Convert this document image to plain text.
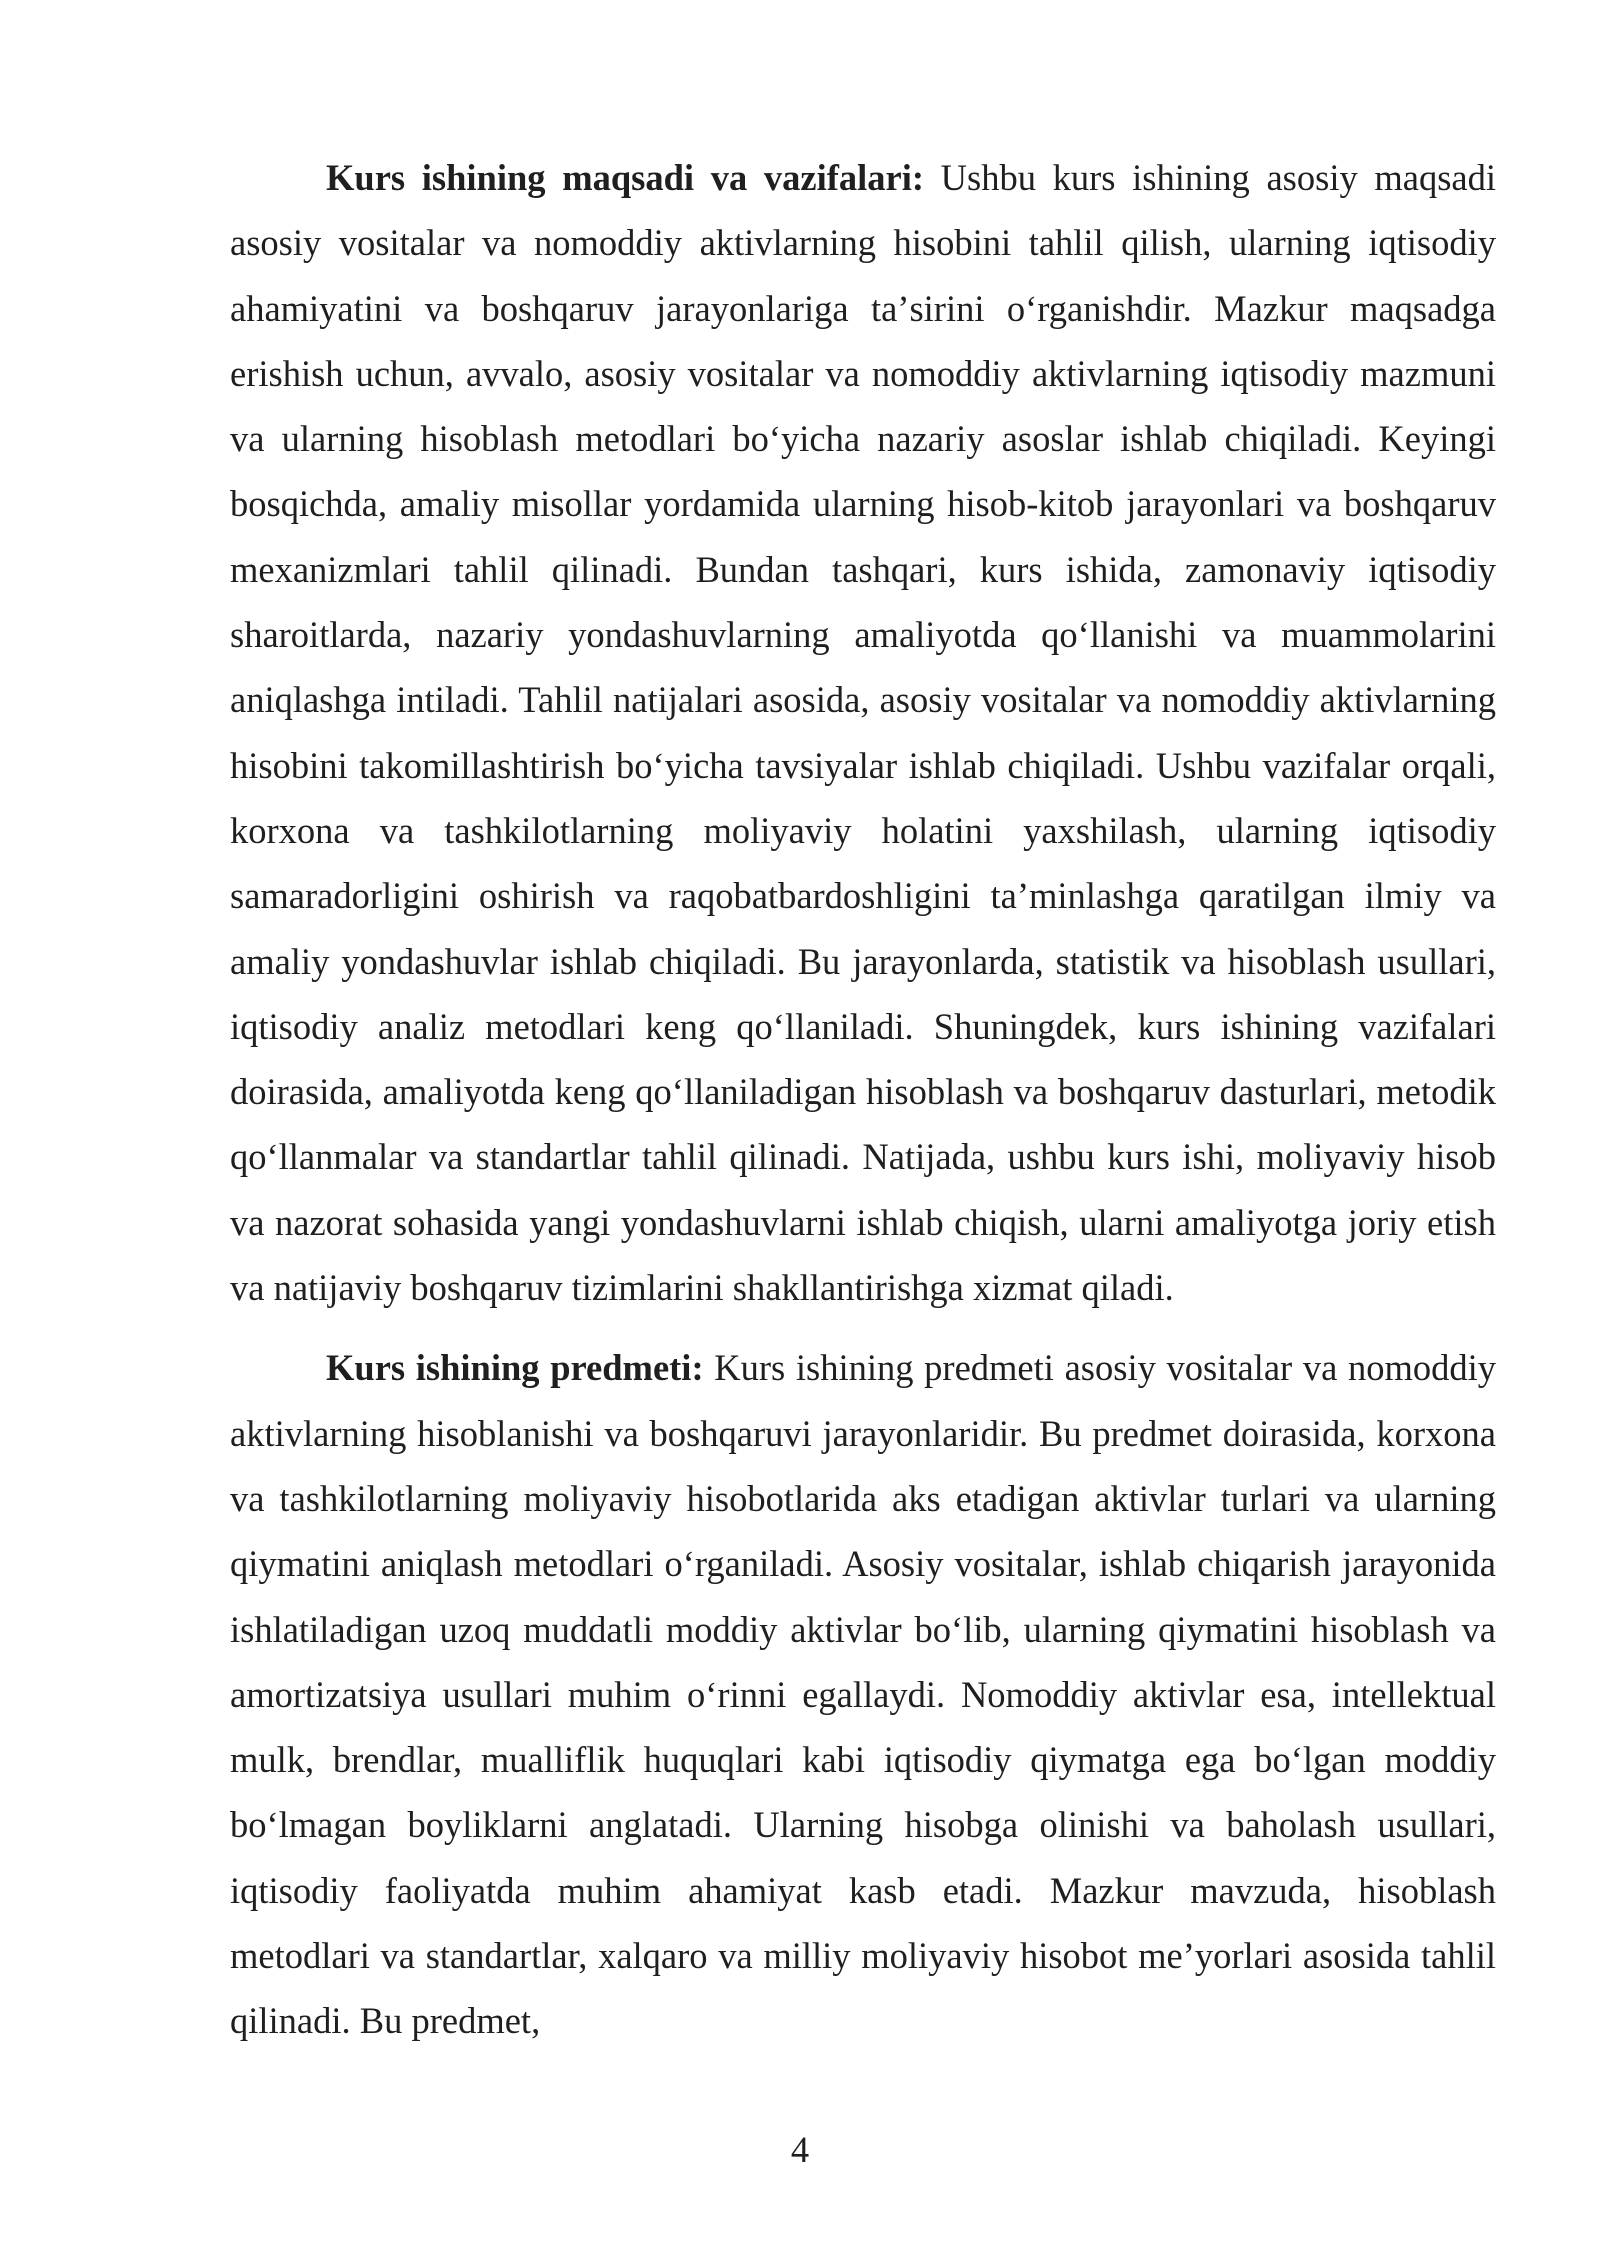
Kurs ishining maqsadi va vazifalari: Ushbu kurs ishining asosiy maqsadi asosiy vositalar va nomoddiy aktivlarning hisobini tahlil qilish, ularning iqtisodiy ahamiyatini va boshqaruv jarayonlariga taʼsirini oʻrganishdir. Mazkur maqsadga erishish uchun, avvalo, asosiy vositalar va nomoddiy aktivlarning iqtisodiy mazmuni va ularning hisoblash metodlari boʻyicha nazariy asoslar ishlab chiqiladi. Keyingi bosqichda, amaliy misollar yordamida ularning hisob-kitob jarayonlari va boshqaruv mexanizmlari tahlil qilinadi. Bundan tashqari, kurs ishida, zamonaviy iqtisodiy sharoitlarda, nazariy yondashuvlarning amaliyotda qoʻllanishi va muammolarini aniqlashga intiladi. Tahlil natijalari asosida, asosiy vositalar va nomoddiy aktivlarning hisobini takomillashtirish boʻyicha tavsiyalar ishlab chiqiladi. Ushbu vazifalar orqali, korxona va tashkilotlarning moliyaviy holatini yaxshilash, ularning iqtisodiy samaradorligini oshirish va raqobatbardoshligini taʼminlashga qaratilgan ilmiy va amaliy yondashuvlar ishlab chiqiladi. Bu jarayonlarda, statistik va hisoblash usullari, iqtisodiy analiz metodlari keng qoʻllaniladi. Shuningdek, kurs ishining vazifalari doirasida, amaliyotda keng qoʻllaniladigan hisoblash va boshqaruv dasturlari, metodik qoʻllanmalar va standartlar tahlil qilinadi. Natijada, ushbu kurs ishi, moliyaviy hisob va nazorat sohasida yangi yondashuvlarni ishlab chiqish, ularni amaliyotga joriy etish va natijaviy boshqaruv tizimlarini shakllantirishga xizmat qiladi.

Kurs ishining predmeti: Kurs ishining predmeti asosiy vositalar va nomoddiy aktivlarning hisoblanishi va boshqaruvi jarayonlaridir. Bu predmet doirasida, korxona va tashkilotlarning moliyaviy hisobotlarida aks etadigan aktivlar turlari va ularning qiymatini aniqlash metodlari oʻrganiladi. Asosiy vositalar, ishlab chiqarish jarayonida ishlatiladigan uzoq muddatli moddiy aktivlar boʻlib, ularning qiymatini hisoblash va amortizatsiya usullari muhim oʻrinni egallaydi. Nomoddiy aktivlar esa, intellektual mulk, brendlar, mualliflik huquqlari kabi iqtisodiy qiymatga ega boʻlgan moddiy boʻlmagan boyliklarni anglatadi. Ularning hisobga olinishi va baholash usullari, iqtisodiy faoliyatda muhim ahamiyat kasb etadi. Mazkur mavzuda, hisoblash metodlari va standartlar, xalqaro va milliy moliyaviy hisobot meʼyorlari asosida tahlil qilinadi. Bu predmet,

4
